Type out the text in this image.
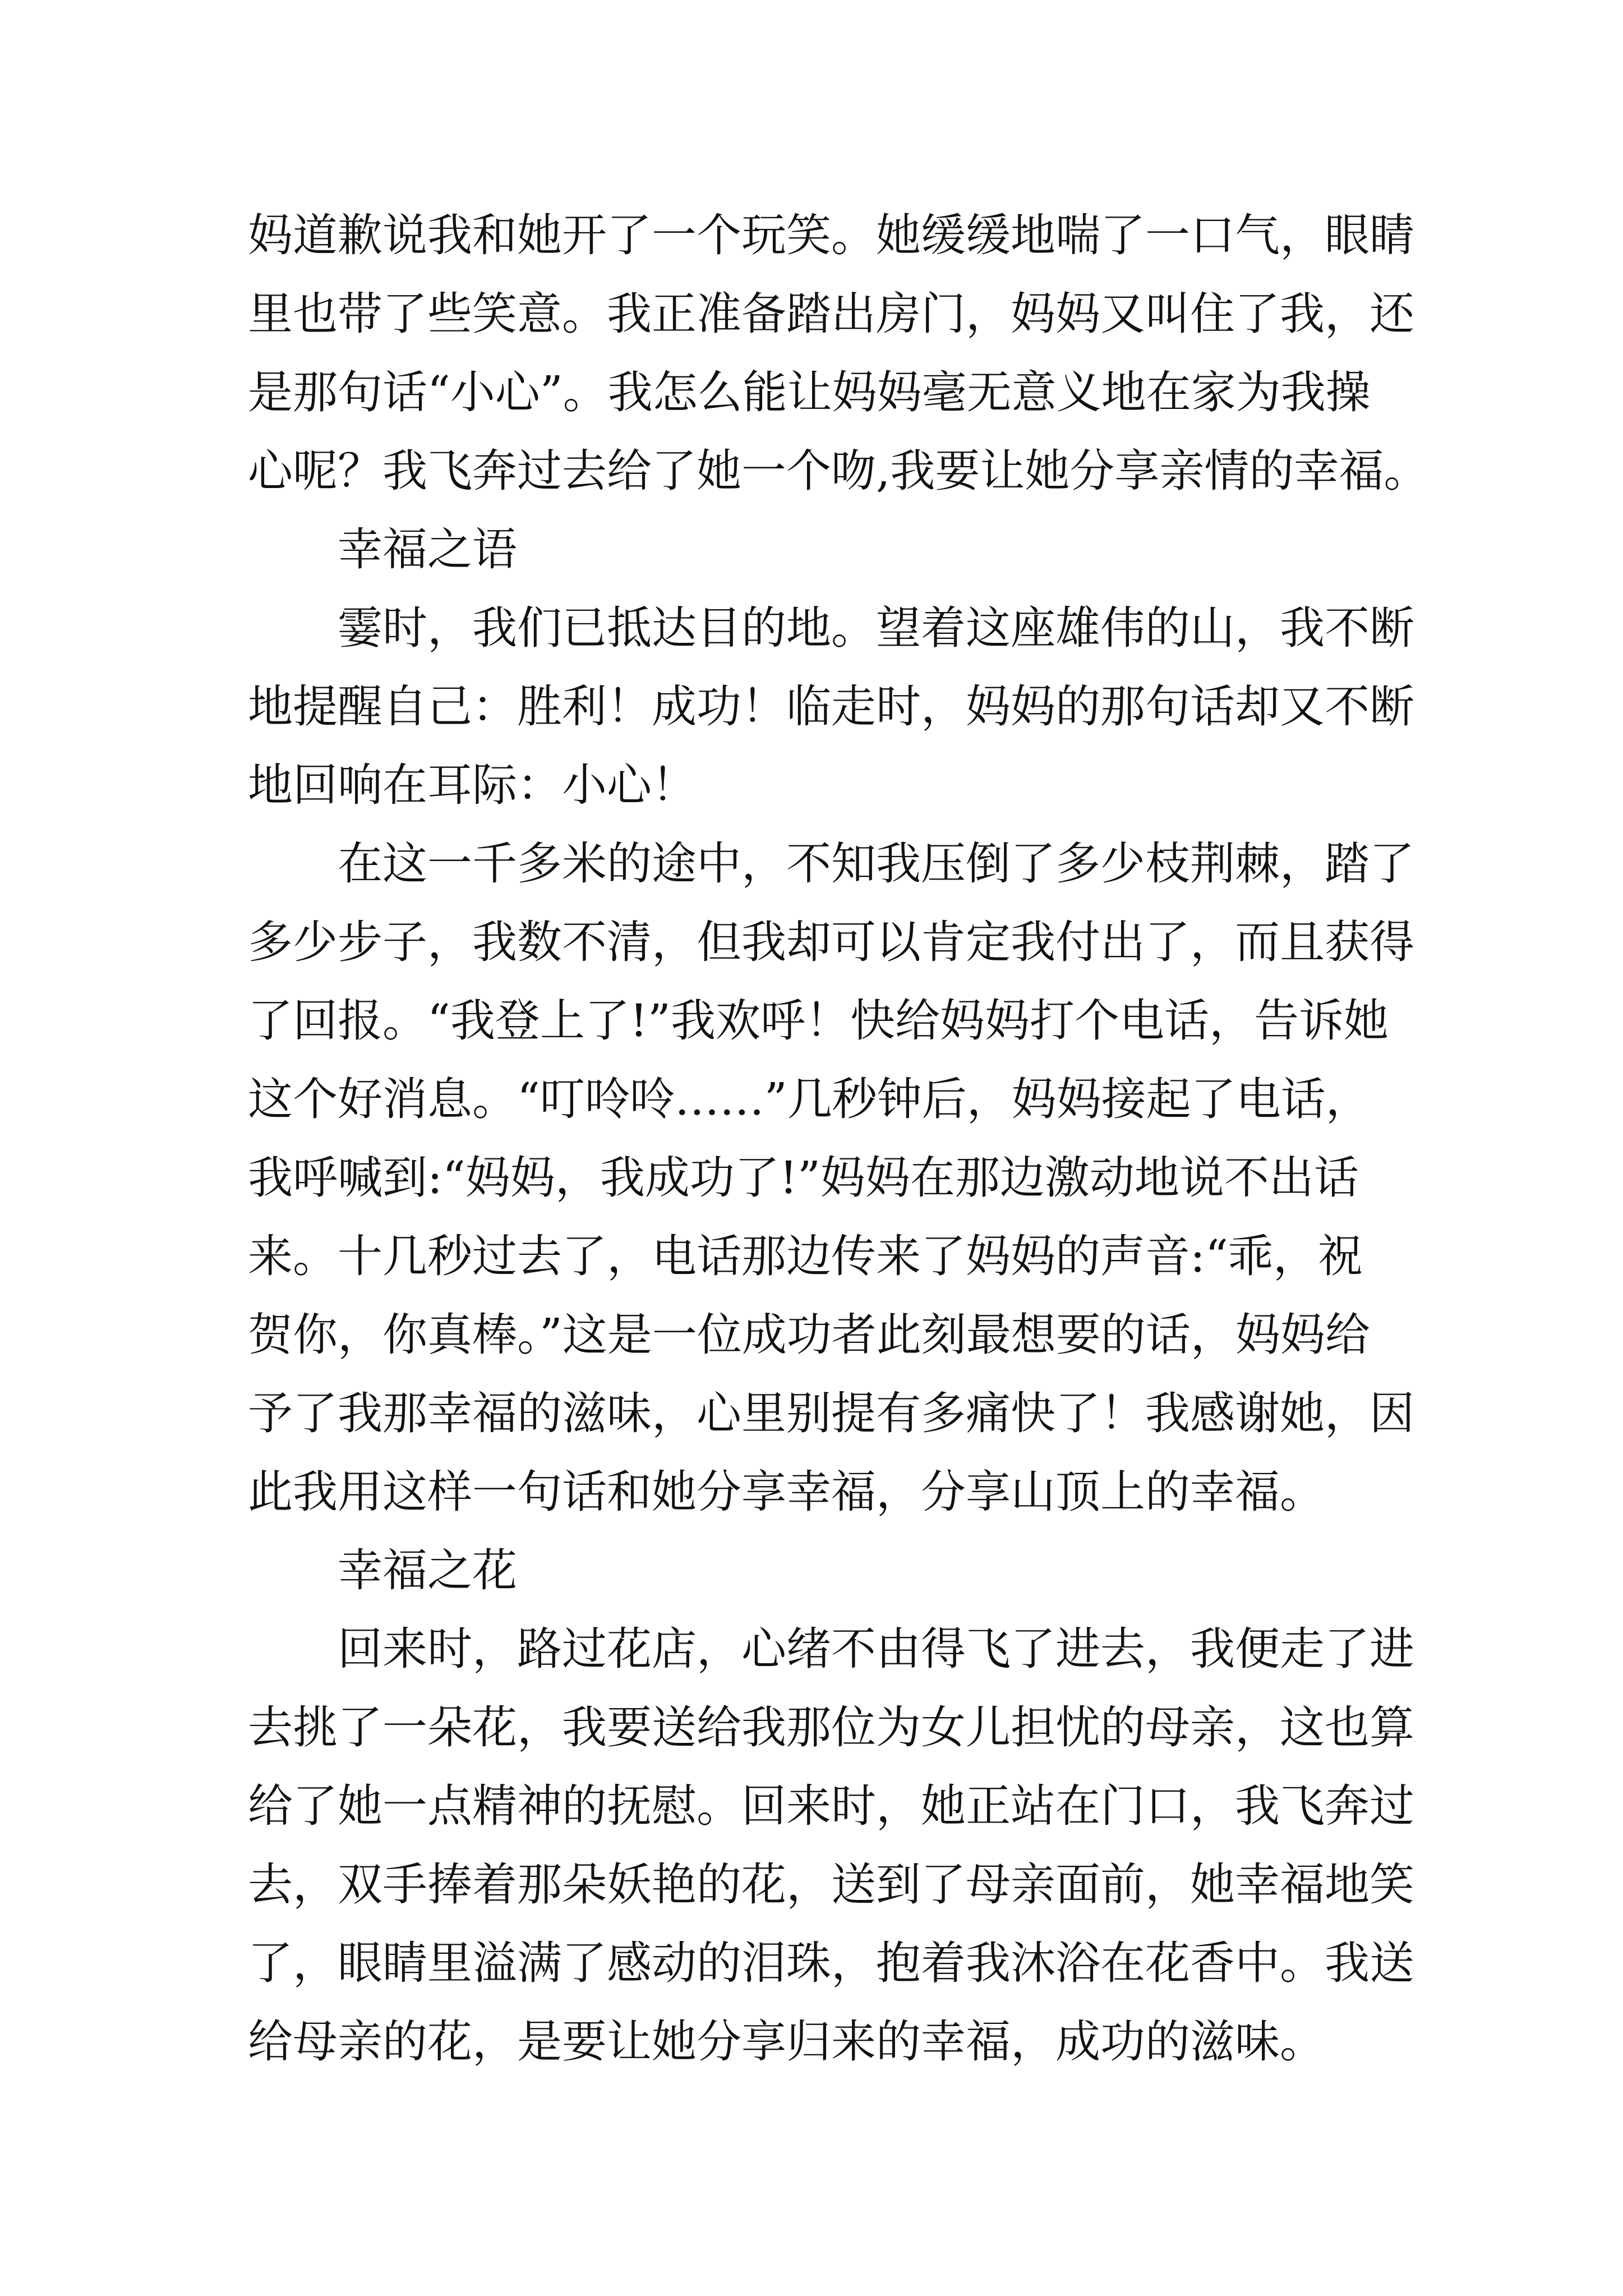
妈道歉说我和她开了一个玩笑。她缓缓地喘了一口气，眼睛
里也带了些笑意。我正准备踏出房门，妈妈又叫住了我，还
是那句话“小心”。我怎么能让妈妈毫无意义地在家为我操
心呢？我飞奔过去给了她一个吻,我要让她分享亲情的幸福。
幸福之语
霎时，我们已抵达目的地。望着这座雄伟的山，我不断
地提醒自己：胜利！成功！临走时，妈妈的那句话却又不断
地回响在耳际：小心！
在这一千多米的途中，不知我压倒了多少枝荆棘，踏了
多少步子，我数不清，但我却可以肯定我付出了，而且获得
了回报。“我登上了!”我欢呼！快给妈妈打个电话，告诉她
这个好消息。“叮呤呤……”几秒钟后，妈妈接起了电话，
我呼喊到:“妈妈，我成功了!”妈妈在那边激动地说不出话
来。十几秒过去了，电话那边传来了妈妈的声音:“乖，祝
贺你，你真棒。”这是一位成功者此刻最想要的话，妈妈给
予了我那幸福的滋味，心里别提有多痛快了！我感谢她，因
此我用这样一句话和她分享幸福，分享山顶上的幸福。
幸福之花
回来时，路过花店，心绪不由得飞了进去，我便走了进
去挑了一朵花，我要送给我那位为女儿担忧的母亲，这也算
给了她一点精神的抚慰。回来时，她正站在门口，我飞奔过
去，双手捧着那朵妖艳的花，送到了母亲面前，她幸福地笑
了，眼睛里溢满了感动的泪珠，抱着我沐浴在花香中。我送
给母亲的花，是要让她分享归来的幸福，成功的滋味。
